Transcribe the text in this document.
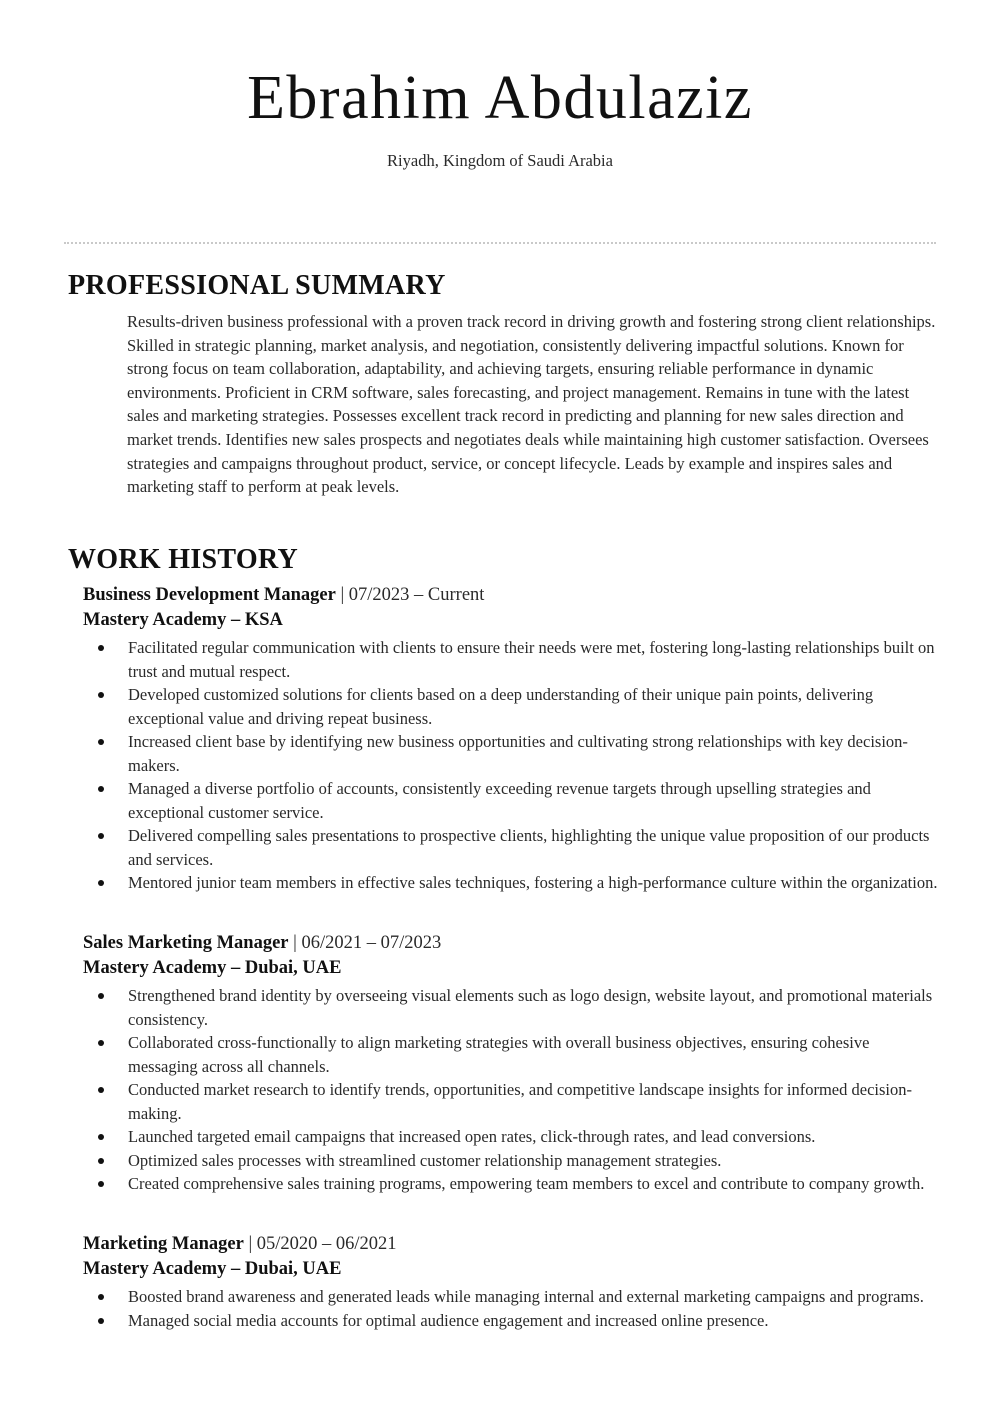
Ebrahim Abdulaziz
Riyadh, Kingdom of Saudi Arabia
PROFESSIONAL SUMMARY

Results-driven business professional with a proven track record in driving growth and fostering strong client relationships. Skilled in strategic planning, market analysis, and negotiation, consistently delivering impactful solutions. Known for strong focus on team collaboration, adaptability, and achieving targets, ensuring reliable performance in dynamic environments. Proficient in CRM software, sales forecasting, and project management. Remains in tune with the latest sales and marketing strategies. Possesses excellent track record in predicting and planning for new sales direction and market trends. Identifies new sales prospects and negotiates deals while maintaining high customer satisfaction. Oversees strategies and campaigns throughout product, service, or concept lifecycle. Leads by example and inspires sales and marketing staff to perform at peak levels.

WORK HISTORY
Business Development Manager | 07/2023 – Current
Mastery Academy – KSA
Facilitated regular communication with clients to ensure their needs were met, fostering long-lasting relationships built on trust and mutual respect.
Developed customized solutions for clients based on a deep understanding of their unique pain points, delivering exceptional value and driving repeat business.
Increased client base by identifying new business opportunities and cultivating strong relationships with key decision-makers.
Managed a diverse portfolio of accounts, consistently exceeding revenue targets through upselling strategies and exceptional customer service.
Delivered compelling sales presentations to prospective clients, highlighting the unique value proposition of our products and services.
Mentored junior team members in effective sales techniques, fostering a high-performance culture within the organization.
Sales Marketing Manager | 06/2021 – 07/2023
Mastery Academy – Dubai, UAE
Strengthened brand identity by overseeing visual elements such as logo design, website layout, and promotional materials consistency.
Collaborated cross-functionally to align marketing strategies with overall business objectives, ensuring cohesive messaging across all channels.
Conducted market research to identify trends, opportunities, and competitive landscape insights for informed decision-making.
Launched targeted email campaigns that increased open rates, click-through rates, and lead conversions.
Optimized sales processes with streamlined customer relationship management strategies.
Created comprehensive sales training programs, empowering team members to excel and contribute to company growth.
Marketing Manager | 05/2020 – 06/2021
Mastery Academy – Dubai, UAE
Boosted brand awareness and generated leads while managing internal and external marketing campaigns and programs.
Managed social media accounts for optimal audience engagement and increased online presence.
